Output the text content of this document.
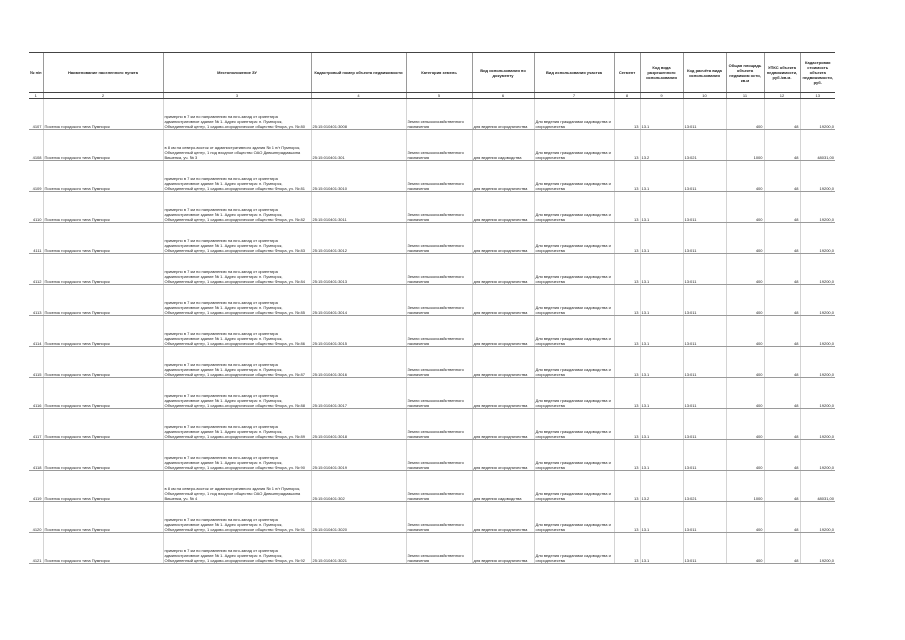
№ п/п	Наименование населенного пункта	Местоположение ЗУ	Кадастровый номер объекта недвижимости	Категория земель	Вид использования по документу	Вид использования участка	Сегмент	Код вида разрешенного использования	Код расчёта вида использования	Общая площадь объекта недвижим ости, кв.м	УПКС объекта недвижимости, руб./кв.м.	Кадастровая стоимость объекта недвижимости, руб.
1	2	3	4	5	6	7	8	9	10	11	12	13
4107	Поселок городского типа Пумпорск	примерно в 7 км по направлению на юго-запад от ориентира административное здание № 1. Адрес ориентира: п. Пумпорск, Объединенный центр, 1 садово-огородническое общество Флора, уч. № 80	25:15:010401:3008	Земли сельскохозяйственного назначения	для ведения огородничества	Для ведения гражданами садоводства и огородничества	13	13.1	13:011	400	48	19200,0
4108	Поселок городского типа Пумпорск	в 8 км на северо-восток от административного здания № 1 п/т Пумпорск, Объединенный центр, 1 под входное общество ОАО Дивьинградмашина Вишенка, уч. № 3	25:15:010401:301	Земли сельскохозяйственного назначения	для ведения садоводства	Для ведения гражданами садоводства и огородничества	13	13.2	13:021	1000	48	48031,00
4109	Поселок городского типа Пумпорск	примерно в 7 км по направлению на юго-запад от ориентира административное здание № 1. Адрес ориентира: п. Пумпорск, Объединенный центр, 1 садово-огородническое общество Флора, уч. № 81	25:15:010401:3010	Земли сельскохозяйственного назначения	для ведения огородничества	Для ведения гражданами садоводства и огородничества	13	13.1	13:011	400	48	19200,0
4110	Поселок городского типа Пумпорск	примерно в 7 км по направлению на юго-запад от ориентира административное здание № 1. Адрес ориентира: п. Пумпорск, Объединенный центр, 1 садово-огородническое общество Флора, уч. № 82	25:15:010401:3011	Земли сельскохозяйственного назначения	для ведения огородничества	Для ведения гражданами садоводства и огородничества	13	13.1	13:011	400	48	19200,0
4111	Поселок городского типа Пумпорск	примерно в 7 км по направлению на юго-запад от ориентира административное здание № 1. Адрес ориентира: п. Пумпорск, Объединенный центр, 1 садово-огородническое общество Флора, уч. № 83	25:15:010401:3012	Земли сельскохозяйственного назначения	для ведения огородничества	Для ведения гражданами садоводства и огородничества	13	13.1	13:011	400	48	19200,0
4112	Поселок городского типа Пумпорск	примерно в 7 км по направлению на юго-запад от ориентира административное здание № 1. Адрес ориентира: п. Пумпорск, Объединенный центр, 1 садово-огородническое общество Флора, уч. № 84	25:15:010401:3013	Земли сельскохозяйственного назначения	для ведения огородничества	Для ведения гражданами садоводства и огородничества	13	13.1	13:011	400	48	19200,0
4113	Поселок городского типа Пумпорск	примерно в 7 км по направлению на юго-запад от ориентира административное здание № 1. Адрес ориентира: п. Пумпорск, Объединенный центр, 1 садово-огородническое общество Флора, уч. № 85	25:15:010401:3014	Земли сельскохозяйственного назначения	для ведения огородничества	Для ведения гражданами садоводства и огородничества	13	13.1	13:011	400	48	19200,0
4114	Поселок городского типа Пумпорск	примерно в 7 км по направлению на юго-запад от ориентира административное здание № 1. Адрес ориентира: п. Пумпорск, Объединенный центр, 1 садово-огородническое общество Флора, уч. № 86	25:15:010401:3015	Земли сельскохозяйственного назначения	для ведения огородничества	Для ведения гражданами садоводства и огородничества	13	13.1	13:011	400	48	19200,0
4115	Поселок городского типа Пумпорск	примерно в 7 км по направлению на юго-запад от ориентира административное здание № 1. Адрес ориентира: п. Пумпорск, Объединенный центр, 1 садово-огородническое общество Флора, уч. № 87	25:15:010401:3016	Земли сельскохозяйственного назначения	для ведения огородничества	Для ведения гражданами садоводства и огородничества	13	13.1	13:011	400	48	19200,0
4116	Поселок городского типа Пумпорск	примерно в 7 км по направлению на юго-запад от ориентира административное здание № 1. Адрес ориентира: п. Пумпорск, Объединенный центр, 1 садово-огородническое общество Флора, уч. № 88	25:15:010401:3017	Земли сельскохозяйственного назначения	для ведения огородничества	Для ведения гражданами садоводства и огородничества	13	13.1	13:011	400	48	19200,0
4117	Поселок городского типа Пумпорск	примерно в 7 км по направлению на юго-запад от ориентира административное здание № 1. Адрес ориентира: п. Пумпорск, Объединенный центр, 1 садово-огородническое общество Флора, уч. № 89	25:15:010401:3018	Земли сельскохозяйственного назначения	для ведения огородничества	Для ведения гражданами садоводства и огородничества	13	13.1	13:011	400	48	19200,0
4118	Поселок городского типа Пумпорск	примерно в 7 км по направлению на юго-запад от ориентира административное здание № 1. Адрес ориентира: п. Пумпорск, Объединенный центр, 1 садово-огородническое общество Флора, уч. № 90	25:15:010401:3019	Земли сельскохозяйственного назначения	для ведения огородничества	Для ведения гражданами садоводства и огородничества	13	13.1	13:011	400	48	19200,0
4119	Поселок городского типа Пумпорск	в 8 км на северо-восток от административного здания № 1 п/т Пумпорск, Объединенный центр, 1 под входное общество ОАО Дивьинградмашина Вишенка, уч. № 4	25:15:010401:302	Земли сельскохозяйственного назначения	для ведения садоводства	Для ведения гражданами садоводства и огородничества	13	13.2	13:021	1000	48	48031,00
4120	Поселок городского типа Пумпорск	примерно в 7 км по направлению на юго-запад от ориентира административное здание № 1. Адрес ориентира: п. Пумпорск, Объединенный центр, 1 садово-огородническое общество Флора, уч. № 91	25:15:010401:3020	Земли сельскохозяйственного назначения	для ведения огородничества	Для ведения гражданами садоводства и огородничества	13	13.1	13:011	400	48	19200,0
4121	Поселок городского типа Пумпорск	примерно в 7 км по направлению на юго-запад от ориентира административное здание № 1. Адрес ориентира: п. Пумпорск, Объединенный центр, 1 садово-огородническое общество Флора, уч. № 92	25:15:010401:3021	Земли сельскохозяйственного назначения	для ведения огородничества	Для ведения гражданами садоводства и огородничества	13	13.1	13:011	400	48	19200,0
